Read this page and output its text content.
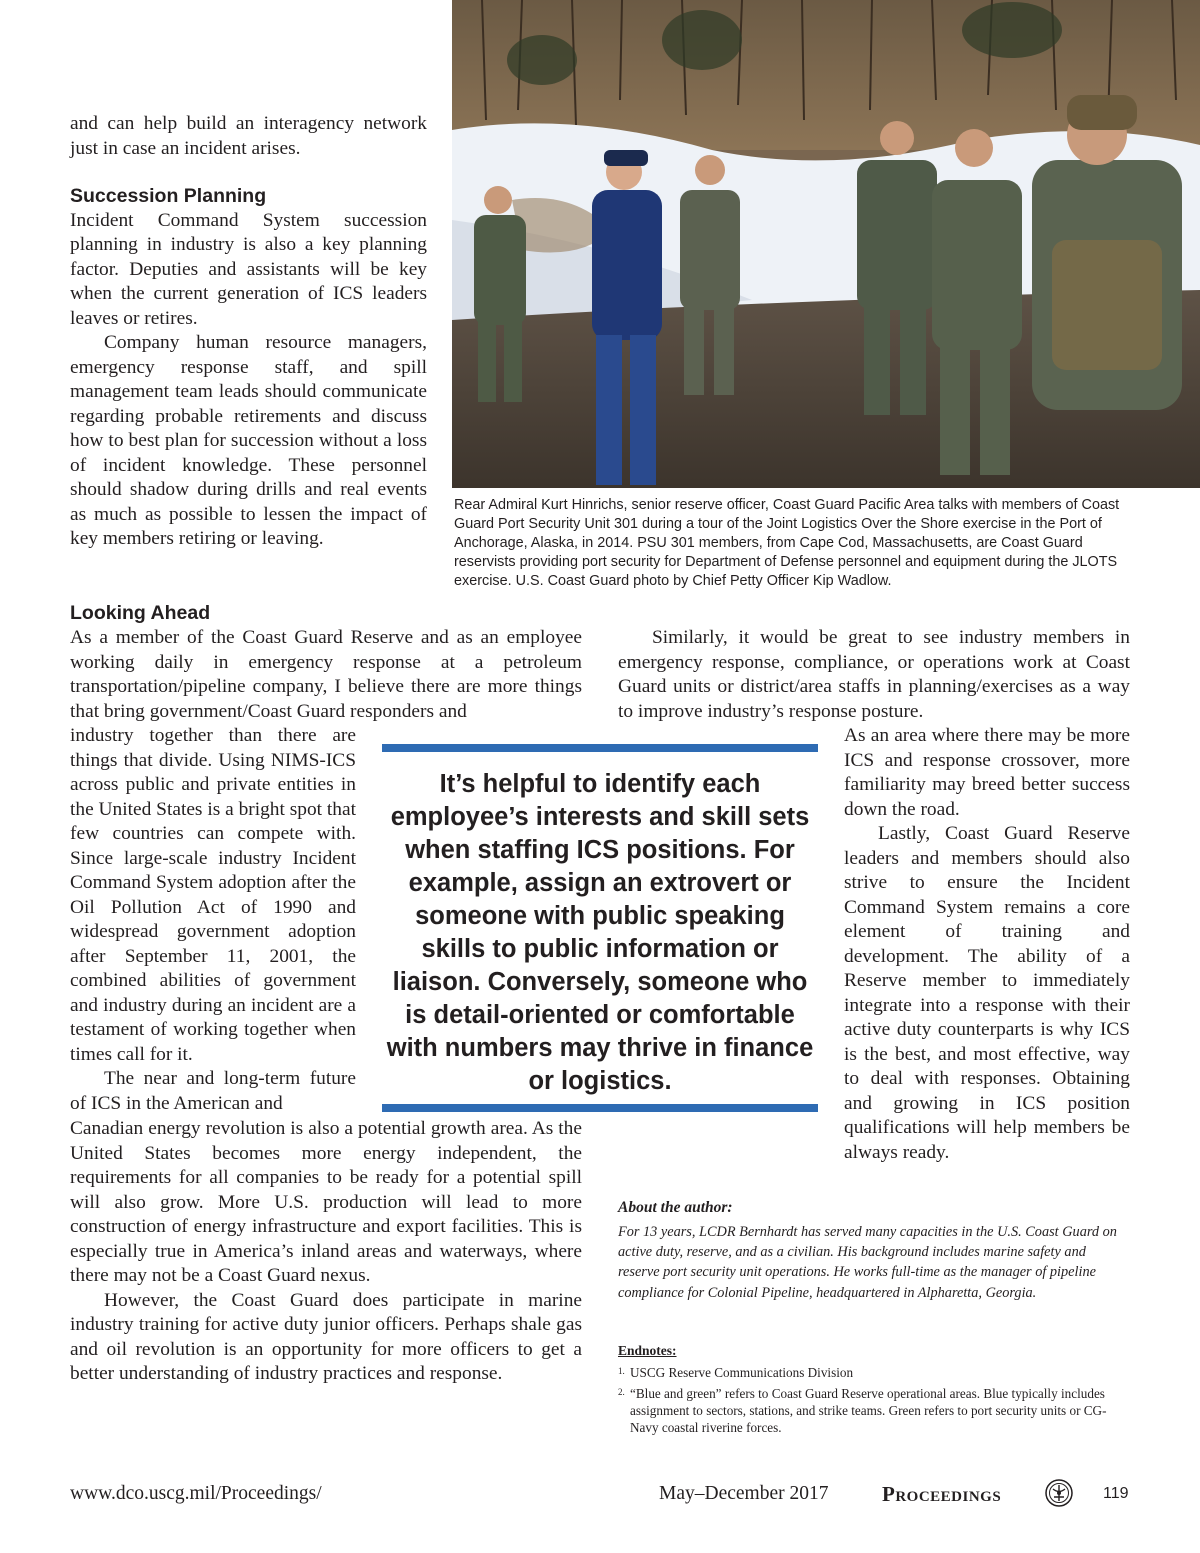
Rear Admiral Kurt Hinrichs, senior reserve officer, Coast Guard Pacific Area talks with members of Coast Guard Port Security Unit 301 during a tour of the Joint Logistics Over the Shore exercise in the Port of Anchorage, Alaska, in 2014. PSU 301 members, from Cape Cod, Massachusetts, are Coast Guard reservists providing port security for Department of Defense personnel and equipment during the JLOTS exercise. U.S. Coast Guard photo by Chief Petty Officer Kip Wadlow.

and can help build an interagency network just in case an incident arises.

Succession Planning

Incident Command System succession planning in industry is also a key planning factor. Deputies and assistants will be key when the current generation of ICS leaders leaves or retires.

Company human resource managers, emergency response staff, and spill management team leads should communicate regarding probable retirements and discuss how to best plan for succession without a loss of incident knowledge. These personnel should shadow during drills and real events as much as possible to lessen the impact of key members retiring or leaving.

Looking Ahead

As a member of the Coast Guard Reserve and as an employee working daily in emergency response at a petroleum transportation/pipeline company, I believe there are more things that bring government/Coast Guard responders and

industry together than there are things that divide. Using NIMS-ICS across public and private entities in the United States is a bright spot that few countries can compete with. Since large-scale industry Incident Command System adoption after the Oil Pollution Act of 1990 and widespread government adoption after September 11, 2001, the combined abilities of government and industry during an incident are a testament of working together when times call for it.

The near and long-term future of ICS in the American and

Canadian energy revolution is also a potential growth area. As the United States becomes more energy independent, the requirements for all companies to be ready for a potential spill will also grow. More U.S. production will lead to more construction of energy infrastructure and export facilities. This is especially true in America’s inland areas and waterways, where there may not be a Coast Guard nexus.

However, the Coast Guard does participate in marine industry training for active duty junior officers. Perhaps shale gas and oil revolution is an opportunity for more officers to get a better understanding of industry practices and response.

Similarly, it would be great to see industry members in emergency response, compliance, or operations work at Coast Guard units or district/area staffs in planning/exercises as a way to improve industry’s response posture.

As an area where there may be more ICS and response crossover, more familiarity may breed better success down the road.

Lastly, Coast Guard Reserve leaders and members should also strive to ensure the Incident Command System remains a core element of training and development. The ability of a Reserve member to immediately integrate into a response with their active duty counterparts is why ICS is the best, and most effective, way to deal with responses. Obtaining and growing in ICS position qualifications will help members be always ready.

It’s helpful to identify each employee’s interests and skill sets when staffing ICS positions. For example, assign an extrovert or someone with public speaking skills to public information or liaison. Conversely, someone who is detail-oriented or comfortable with numbers may thrive in finance or logistics.
About the author:
For 13 years, LCDR Bernhardt has served many capacities in the U.S. Coast Guard on active duty, reserve, and as a civilian. His background includes marine safety and reserve port security unit operations. He works full-time as the manager of pipeline compliance for Colonial Pipeline, headquartered in Alpharetta, Georgia.
Endnotes:
1. USCG Reserve Communications Division
2. “Blue and green” refers to Coast Guard Reserve operational areas. Blue typically includes assignment to sectors, stations, and strike teams. Green refers to port security units or CG-Navy coastal riverine forces.
www.dco.uscg.mil/Proceedings/	May–December 2017	Proceedings	119
